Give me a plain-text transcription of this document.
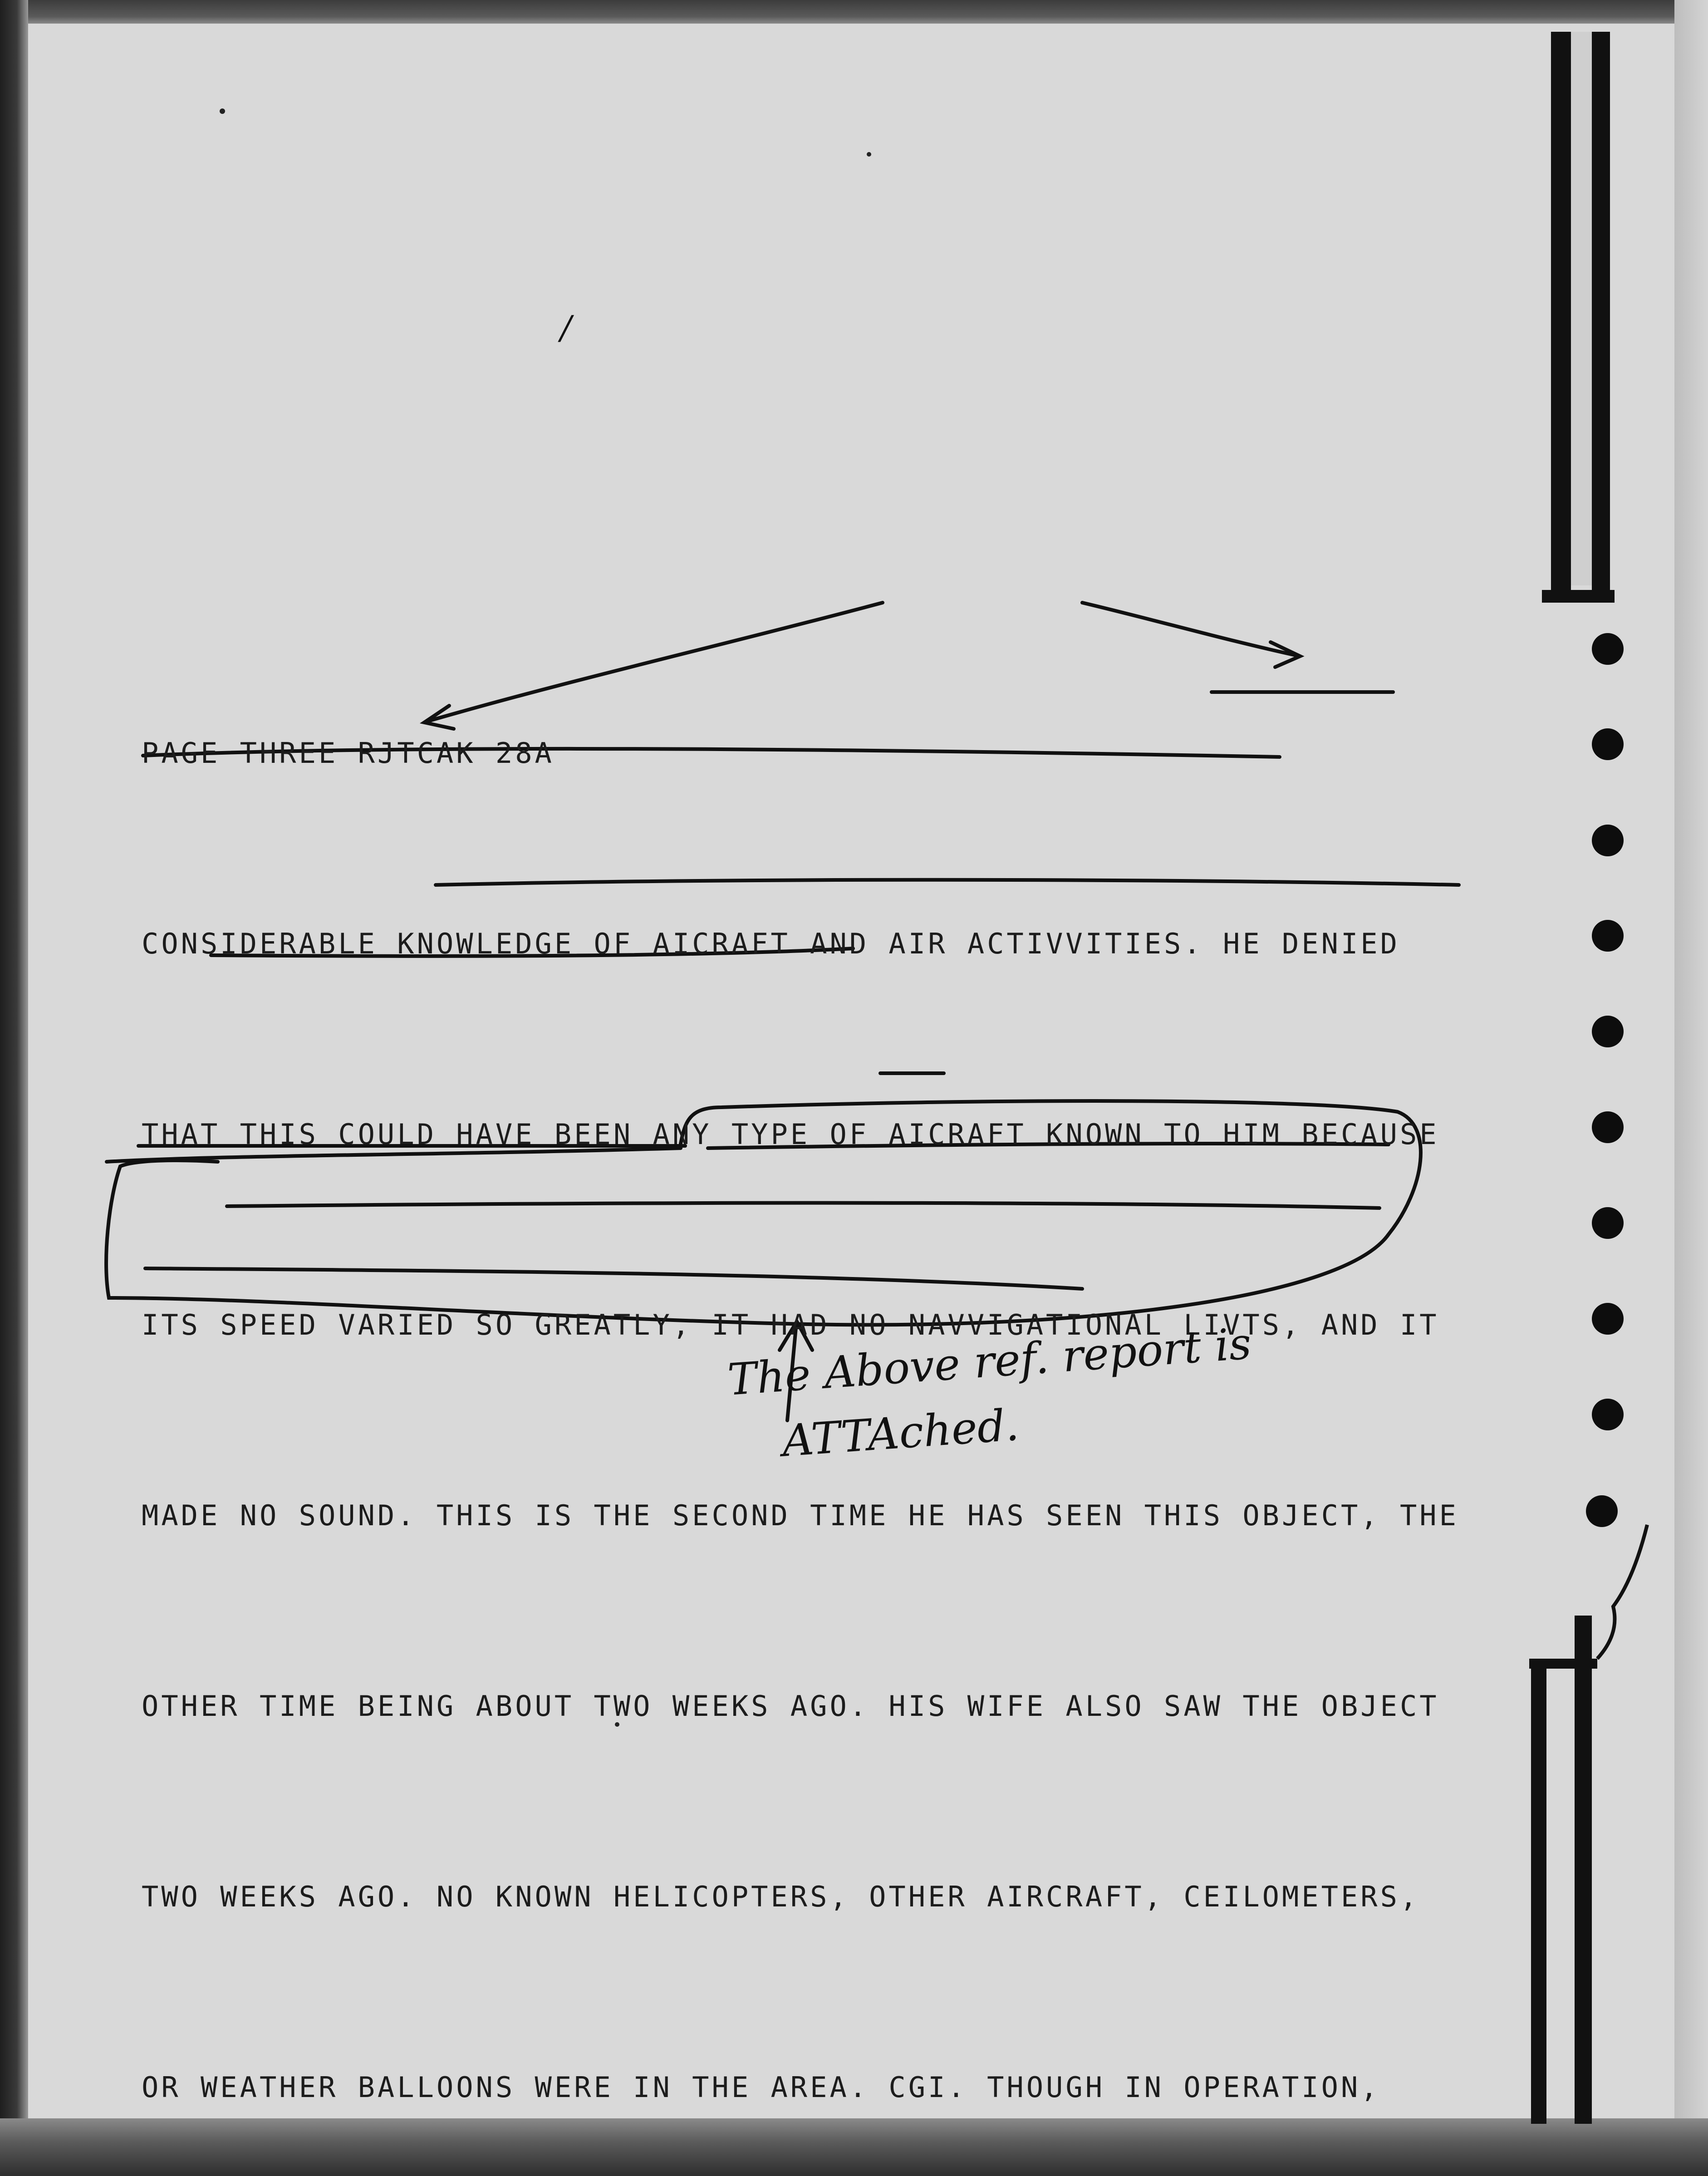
/

PAGE THREE RJTCAK 28A

CONSIDERABLE KNOWLEDGE OF AICRAFT AND AIR ACTIVVITIES. HE DENIED

THAT THIS COULD HAVE BEEN ANY TYPE OF AICRAFT KNOWN TO HIM BECAUSE

ITS SPEED VARIED SO GREATLY, IT HAD NO NAVVIGATIONAL LIVTS, AND IT

MADE NO SOUND. THIS IS THE SECOND TIME HE HAS SEEN THIS OBJECT, THE

OTHER TIME BEING ABOUT TWO WEEKS AGO. HIS WIFE ALSO SAW THE OBJECT

TWO WEEKS AGO. NO KNOWN HELICOPTERS, OTHER AIRCRAFT, CEILOMETERS,

OR WEATHER BALLOONS WERE IN THE AREA. CGI. THOUGH IN OPERATION,

The Above ref. report is
ATTAched.
